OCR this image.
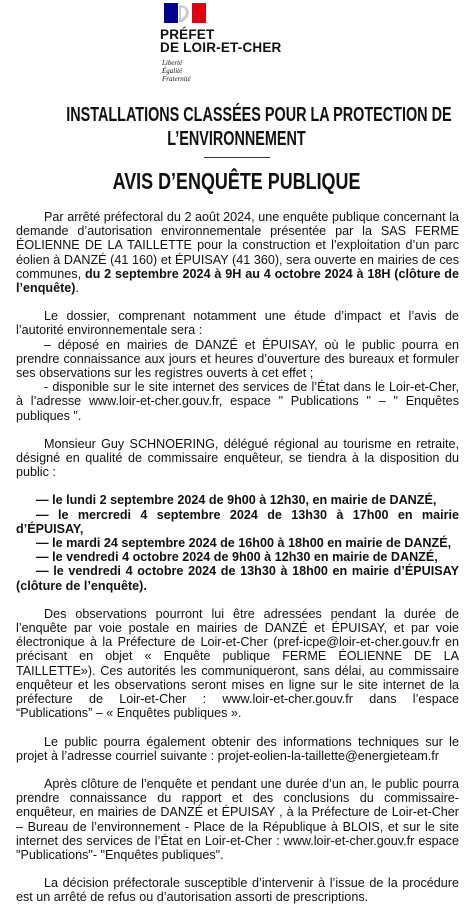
PRÉFET
DE LOIR-ET-CHER
Liberté
Égalité
Fraternité
INSTALLATIONS CLASSÉES POUR LA PROTECTION DE
L’ENVIRONNEMENT
AVIS D’ENQUÊTE PUBLIQUE

Par arrêté préfectoral du 2 août 2024, une enquête publique concernant la demande d’autorisation environnementale présentée par la SAS FERME ÉOLIENNE DE LA TAILLETTE pour la construction et l’exploitation d’un parc éolien à DANZÉ (41 160) et ÉPUISAY (41 360), sera ouverte en mairies de ces communes, du 2 septembre 2024 à 9H au 4 octobre 2024 à 18H (clôture de l’enquête).

Le dossier, comprenant notamment une étude d’impact et l’avis de l’autorité environnementale sera :

– déposé en mairies de DANZÉ et ÉPUISAY, où le public pourra en prendre connaissance aux jours et heures d’ouverture des bureaux et formuler ses observations sur les registres ouverts à cet effet ;

- disponible sur le site internet des services de l’État dans le Loir-et-Cher, à l’adresse www.loir-et-cher.gouv.fr, espace " Publications " – " Enquêtes publiques ".

Monsieur Guy SCHNOERING, délégué régional au tourisme en retraite, désigné en qualité de commissaire enquêteur, se tiendra à la disposition du public :

— le lundi 2 septembre 2024 de 9h00 à 12h30, en mairie de DANZÉ,

— le mercredi 4 septembre 2024 de 13h30 à 17h00 en mairie d’ÉPUISAY,

— le mardi 24 septembre 2024 de 16h00 à 18h00 en mairie de DANZÉ,

— le vendredi 4 octobre 2024 de 9h00 à 12h30 en mairie de DANZÉ,

— le vendredi 4 octobre 2024 de 13h30 à 18h00 en mairie d’ÉPUISAY (clôture de l’enquête).

Des observations pourront lui être adressées pendant la durée de l’enquête par voie postale en mairies de DANZÉ et ÉPUISAY, et par voie électronique à la Préfecture de Loir-et-Cher (pref-icpe@loir-et-cher.gouv.fr en précisant en objet « Enquête publique FERME ÉOLIENNE DE LA TAILLETTE»). Ces autorités les communiqueront, sans délai, au commissaire enquêteur et les observations seront mises en ligne sur le site internet de la préfecture de Loir-et-Cher : www.loir-et-cher.gouv.fr dans l’espace “Publications” – « Enquêtes publiques ».

Le public pourra également obtenir des informations techniques sur le projet à l’adresse courriel suivante : projet-eolien-la-taillette@energieteam.fr

Après clôture de l’enquête et pendant une durée d’un an, le public pourra prendre connaissance du rapport et des conclusions du commissaire-enquêteur, en mairies de DANZÉ et ÉPUISAY , à la Préfecture de Loir-et-Cher – Bureau de l’environnement - Place de la République à BLOIS, et sur le site internet des services de l’État en Loir-et-Cher : www.loir-et-cher.gouv.fr espace "Publications"- "Enquêtes publiques".

La décision préfectorale susceptible d’intervenir à l’issue de la procédure est un arrêté de refus ou d’autorisation assorti de prescriptions.
